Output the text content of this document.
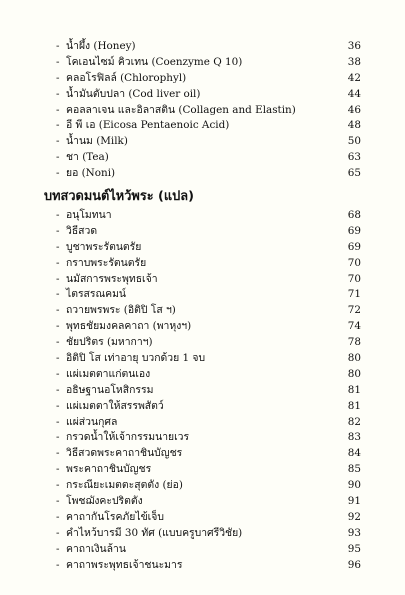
- น้ำผึ้ง (Honey)	36
- โคเอนไซม์ คิวเทน (Coenzyme Q 10)	38
- คลอโรฟิลล์ (Chlorophyl)	42
- น้ำมันตับปลา (Cod liver oil)	44
- คอลลาเจน และอิลาสติน (Collagen and Elastin)	46
- อี พี เอ (Eicosa Pentaenoic Acid)	48
- น้ำนม (Milk)	50
- ชา (Tea)	63
- ยอ (Noni)	65
บทสวดมนต์ไหว้พระ (แปล)
- อนุโมทนา	68
- วิธีสวด	69
- บูชาพระรัตนตรัย	69
- กราบพระรัตนตรัย	70
- นมัสการพระพุทธเจ้า	70
- ไตรสรณคมน์	71
- ถวายพรพระ (อิติปิ โส ฯ)	72
- พุทธชัยมงคลคาถา (พาหุงฯ)	74
- ชัยปริตร (มหากาฯ)	78
- อิติปิ โส เท่าอายุ บวกด้วย 1 จบ	80
- แผ่เมตตาแก่ตนเอง	80
- อธิษฐานอโหสิกรรม	81
- แผ่เมตตาให้สรรพสัตว์	81
- แผ่ส่วนกุศล	82
- กรวดน้ำให้เจ้ากรรมนายเวร	83
- วิธีสวดพระคาถาชินบัญชร	84
- พระคาถาชินบัญชร	85
- กระณียะเมตตะสุตตัง (ย่อ)	90
- โพชฌังคะปริตตัง	91
- คาถากันโรคภัยไข้เจ็บ	92
- คำไหว้บารมี 30 ทัศ (แบบครูบาศรีวิชัย)	93
- คาถาเงินล้าน	95
- คาถาพระพุทธเจ้าชนะมาร	96
